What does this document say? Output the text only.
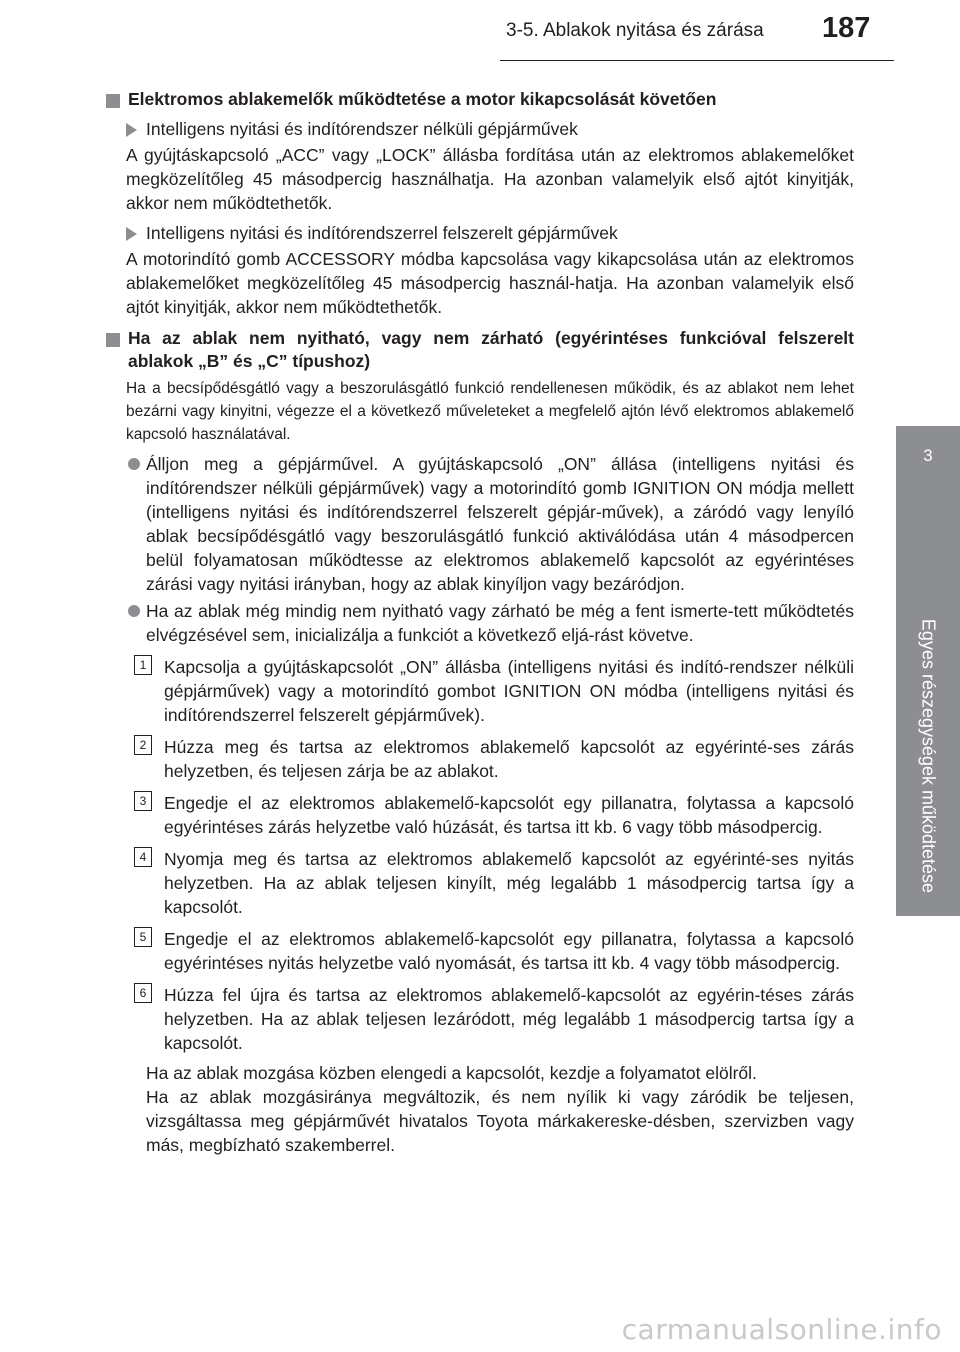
3-5. Ablakok nyitása és zárása 187
3
Egyes részegységek működtetése
Elektromos ablakemelők működtetése a motor kikapcsolását követően
Intelligens nyitási és indítórendszer nélküli gépjárművek
A gyújtáskapcsoló „ACC” vagy „LOCK” állásba fordítása után az elektromos ablakemelőket megközelítőleg 45 másodpercig használhatja. Ha azonban valamelyik első ajtót kinyitják, akkor nem működtethetők.
Intelligens nyitási és indítórendszerrel felszerelt gépjárművek
A motorindító gomb ACCESSORY módba kapcsolása vagy kikapcsolása után az elektromos ablakemelőket megközelítőleg 45 másodpercig használ-hatja. Ha azonban valamelyik első ajtót kinyitják, akkor nem működtethetők.
Ha az ablak nem nyitható, vagy nem zárható (egyérintéses funkcióval felszerelt ablakok „B” és „C” típushoz)
Ha a becsípődésgátló vagy a beszorulásgátló funkció rendellenesen működik, és az ablakot nem lehet bezárni vagy kinyitni, végezze el a következő műveleteket a megfelelő ajtón lévő elektromos ablakemelő kapcsoló használatával.
Álljon meg a gépjárművel. A gyújtáskapcsoló „ON” állása (intelligens nyitási és indítórendszer nélküli gépjárművek) vagy a motorindító gomb IGNITION ON módja mellett (intelligens nyitási és indítórendszerrel felszerelt gépjár-művek), a záródó vagy lenyíló ablak becsípődésgátló vagy beszorulásgátló funkció aktiválódása után 4 másodpercen belül folyamatosan működtesse az elektromos ablakemelő kapcsolót az egyérintéses zárási vagy nyitási irányban, hogy az ablak kinyíljon vagy bezáródjon.
Ha az ablak még mindig nem nyitható vagy zárható be még a fent ismerte-tett működtetés elvégzésével sem, inicializálja a funkciót a következő eljá-rást követve.
1	Kapcsolja a gyújtáskapcsolót „ON” állásba (intelligens nyitási és indító-rendszer nélküli gépjárművek) vagy a motorindító gombot IGNITION ON módba (intelligens nyitási és indítórendszerrel felszerelt gépjárművek).
2	Húzza meg és tartsa az elektromos ablakemelő kapcsolót az egyérinté-ses zárás helyzetben, és teljesen zárja be az ablakot.
3	Engedje el az elektromos ablakemelő-kapcsolót egy pillanatra, folytassa a kapcsoló egyérintéses zárás helyzetbe való húzását, és tartsa itt kb. 6 vagy több másodpercig.
4	Nyomja meg és tartsa az elektromos ablakemelő kapcsolót az egyérinté-ses nyitás helyzetben. Ha az ablak teljesen kinyílt, még legalább 1 másodpercig tartsa így a kapcsolót.
5	Engedje el az elektromos ablakemelő-kapcsolót egy pillanatra, folytassa a kapcsoló egyérintéses nyitás helyzetbe való nyomását, és tartsa itt kb. 4 vagy több másodpercig.
6	Húzza fel újra és tartsa az elektromos ablakemelő-kapcsolót az egyérin-téses zárás helyzetben. Ha az ablak teljesen lezáródott, még legalább 1 másodpercig tartsa így a kapcsolót.
Ha az ablak mozgása közben elengedi a kapcsolót, kezdje a folyamatot elölről.
Ha az ablak mozgásiránya megváltozik, és nem nyílik ki vagy záródik be teljesen, vizsgáltassa meg gépjárművét hivatalos Toyota márkakereske-désben, szervizben vagy más, megbízható szakemberrel.
carmanualsonline.info
